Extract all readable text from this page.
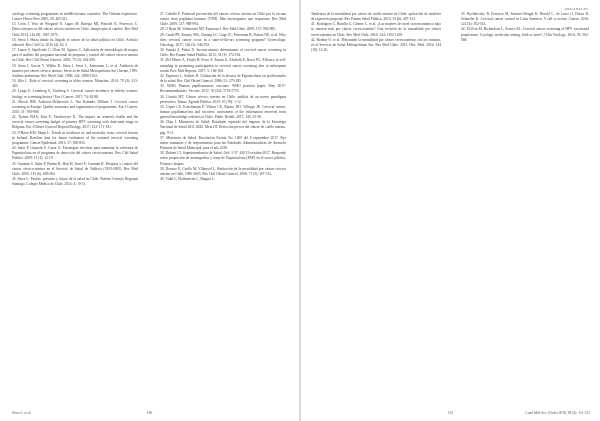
cytology screening programmes in middle-income countries: The Chilean experience. Cancer Detect Prev 2005; 29: 405-411.

15. León J, Vera de Wiegand N, Lagos M, Barriga MI, Ponchel K, Ferreccio C. Detección precoz del cáncer cérvico-uterino en Chile: tiempo para el cambio. Rev Med Chile 2014; 142 (8): 1067-1075.

16. Serra I. Hasta dónde ha llegado el cáncer de la salud pública en Chile. Artículo editorial. Rev Chil Cir. 2016 (4): 62, 5.

17. Lanza S, Sepúlveda C, Olate M, Agüero C. Aplicación de metodología de mapeo para el análisis del programa nacional de pesquisa y control del cáncer cérvico-uterino en Chile. Rev Chil Obstet Ginecol. 2010; 75 (5): 294-299.

18. Serra I, García V, Wilder D, Serra J, Serra L, Zamorano L, et al. Auditoría de muertes por cáncer cérvico uterino, Servicio de Salud Metropolitano Sur Oriente, 1995. Análisis preliminar. Rev Med Chile. 1996; 124: 1089-1103.

19. Klie L. Role of cervical screening in older women. Maturitas. 2014; 79 (4): 413-420.

20. Lynge E, Lönnberg S, Törnberg S. Cervical cancer incidence in elderly women-biology or screening history? Eur J Cancer. 2017; 74: 82-88.

21. Ebisch RM, Arabacio-Dellavertot L, Van Kemade, Dilliner J. Cervical cancer screening in Europe: Quality assurance and organisation of programmes. Eur J Cancer. 2015; 51: 950-968.

22. Tjalma WAA, Kim E, Vandeweyer K. The impact on women's health and the cervical cancer screening budget of primary HPV screening with dual-stain triage in Belgium. Eur J Obstet Gynecol Reprod Biology. 2017; 212: 171-181.

23. O'Brien KM, Sharp L. Trends in incidence of, and mortality from, cervical lesions in Ireland: Baseline data for future evaluation of the national cervical screening programme. Cancer Epidemiol. 2013; 37: 830-835.

24. Salas P, Guzmán S, Cazor G. Estrategias efectivas para aumentar la cobertura de Papanicolaou en el programa de detección del cáncer cervicouterino. Rev Chil Salud Pública. 2009; 13 (1); 12-19.

25. Guzmán S, Salas P, Puente R, Hott H, Israel E, Guzmán R. Pesquisa y control del cáncer cérvico-uterino en el Servicio de Salud de Valdivia (1993-2005). Rev Med Chile. 2005; 133 (6): 685-692.

26. Serra L. Pasado, presente y futuro de la salud en Chile. Boletín Consejo Regional Santiago, Colegio Médico de Chile. 2014; 4: 10-11.

27. Cabello F. Potencial prevención del cáncer cérvico uterino en Chile por la vacuna contra virus papiloma humano (VPH). Más interrogantes que respuestas. Rev Med Chile. 2009; 137: 988-994.

28. O Ryan M, Valenzuela MT, Espinoza J. Rev Med Chile. 2009; 137: 984-985.

29. Castle PE, Kinney WK, Cheung LC, Gage JC, Fetterman B, Poitras NE, et al. Why does cervical cancer occur in a state-of-the-art screening program? Gynecologic Oncology. 2017; 146 (3): 546-553.

30. Suzuki S, Fukui N. Socioeconomic determinants of cervical cancer screening in Chile. Rev Panam Salud Pública. 2013; 33 (3): 174-182.

31. Del Mistro A, Frayle H, Ferro A, Fantin G, Altobelli E, Rossi PG. Efficacy of self-sampling in promoting participation to cervical cancer screening also in subsequent round. Prev Med Reports. 2017; 5: 166-168.

32. Espinosa L, Salinas H. Utilización de la técnica de Papanicolaou en profesionales de la salud. Rev Chil Obstet Ginecol. 1986; 51: 279-285.

33. WHO. Human papillomavirus vaccines: WHO position paper, May 2017-Recommendations. Vaccine. 2017; 35 (43): 5753-5755.

34. Urrutia MT. Cáncer cérvico uterino en Chile: análisis de un nuevo paradigma preventivo. Temas. Agenda Pública. 2015; 10 (78): 1-12.

35. López CS, Kirschbaum F, Villera CE, Burzio DO, Villegas JE. Cervical cancer, human papillomavirus and vaccines: assessment of the information retrieved from general knowledge websites in Chile. Public Health. 2017; 145: 35-38.

36. Díaz J. Ministerio de Salud: Resultado esperado del impacto de la Estrategia Nacional de Salud 2011-2020. Meta III. Detección precoz del cáncer de cuello uterino, pág. 9-11.

37. Ministerio de Salud. Resolución Exenta No. 1005 del 6 septiembre 2017. Fija metas sanitarias y de mejoramiento para las Entidades Administradoras de Atención Primaria de Salud Municipal, para el año 2018.

38. Dubnet CI. Superintendencia de Salud. Ord. 3 N° 440 19-octubre-2017. Responde sobre proporción de mamografías y toma de Papanicolaou (PAP) en el sector público, Fonasa e Isapres.

39. Donoso E, Cuello M, Villarroel L. Reducción de la mortalidad por cáncer cérvico uterino en Chile, 1990-2003. Rev Chil Obstet Ginecol. 2006; 71 (5): 307-312.

40. Vidal C, Hoffmeister L, Biagini L.

Serra I., et al.	160
ORIGINALES

Tendencia de la mortalidad por cáncer de cuello uterino en Chile: aplicación de modelos de regresión joinpoint. Rev Panam Salud Pública. 2013; 33 (6): 407-413.

41. Rodríguez C, Bonilla G, Gómez C, et al. ¿Las mujeres de nivel socioeconómico bajo se mueren más por cáncer cervicouterino? Una revisión de la mortalidad por cáncer cervicouterino en Chile. Rev Med Chile. 2016; 144: 1102-1108.

42. Bodnar O, et al. Mejorando la mortalidad por cáncer cervicouterino con los mismos, en el Servicio de Salud Metropolitano Sur. Rev Med Chile. 2013. Hist. Med. 2016; 144 (10): 13-20.

43. Bychkovsky B, Ferreyra M, Strasser-Weippl K, Herold C, de Lima G, Dizon D, Schmeler K. Cervical cancer control in Latin America: A call to action. Cancer. 2016; 122 (4): 502-514.

44. El-Zein M, Richardson L, Franco EL. Cervical cancer screening of HPV vaccinated populations: Cytology, molecular testing, both or none? J Clin Virology. 2016; 76: 562-568.

161	Cuad Méd Soc (Chile) 2018, 58 (4): 111-141
